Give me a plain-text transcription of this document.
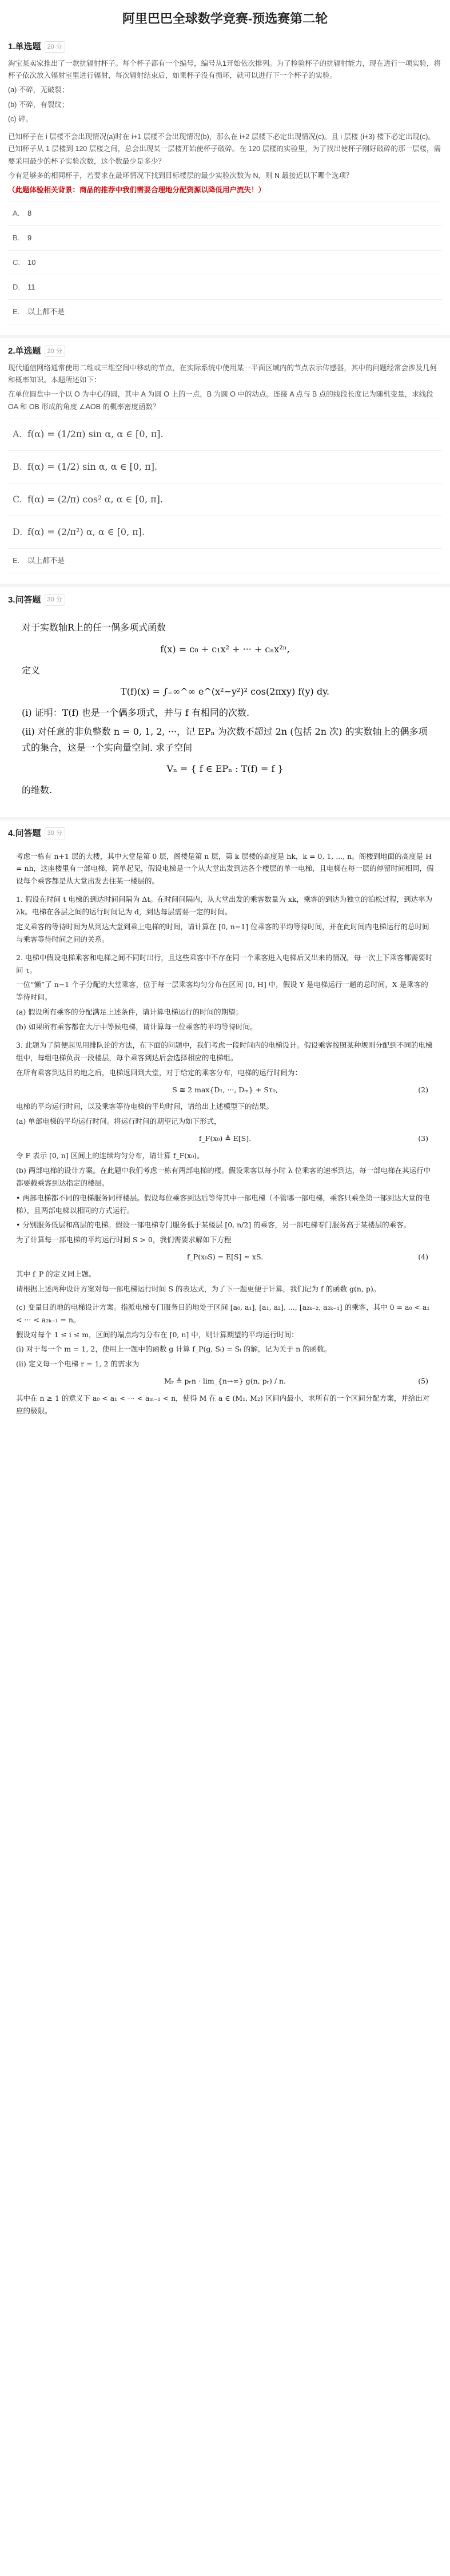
阿里巴巴全球数学竞赛-预选赛第二轮
1.单选题	20 分

淘宝某卖家推出了一款抗辐射杯子。每个杯子都有一个编号，编号从1开始依次排列。为了检验杯子的抗辐射能力，现在进行一项实验，将杯子依次放入辐射室里进行辐射，每次辐射结束后，如果杯子没有损坏，就可以进行下一个杯子的实验。

(a) 不碎，无破裂；

(b) 不碎，有裂纹；

(c) 碎。

已知杯子在 i 层楼不会出现情况(a)时在 i+1 层楼不会出现情况(b)，那么在 i+2 层楼下必定出现情况(c)。且 i 层楼 (i+3) 楼下必定出现(c)。已知杯子从 1 层楼到 120 层楼之间，总会出现某一层楼开始使杯子破碎。在 120 层楼的实验里，为了找出使杯子刚好破碎的那一层楼，需要采用最少的杯子实验次数，这个数最少是多少？

今有足够多的相同杯子，若要求在最坏情况下找到目标楼层的最少实验次数为 N，则 N 最接近以下哪个选项？

（此题体验相关背景：商品的推荐中我们需要合理地分配资源以降低用户流失！）

A.	8
B.	9
C.	10
D.	11
E.	以上都不是
2.单选题	20 分

现代通信网络通常使用二维或三维空间中移动的节点，在实际系统中使用某一平面区域内的节点表示传感器，其中的问题经常会涉及几何和概率知识。本题所述如下：

在单位圆盘中一个以 O 为中心的圆，其中 A 为圆 O 上的一点，B 为圆 O 中的动点。连接 A 点与 B 点的线段长度记为随机变量，求线段 OA 和 OB 形成的角度 ∠AOB 的概率密度函数？

A. f(α) = (1/2π) sin α, α ∈ [0, π].
B. f(α) = (1/2) sin α, α ∈ [0, π].
C. f(α) = (2/π) cos² α, α ∈ [0, π].
D. f(α) = (2/π²) α, α ∈ [0, π].
E.	以上都不是
3.问答题	30 分

对于实数轴R上的任一偶多项式函数

f(x) = c₀ + c₁x² + ··· + cₙx²ⁿ,

定义

T(f)(x) = ∫₋∞^∞ e^(x²−y²)² cos(2πxy) f(y) dy.

(i) 证明：T(f) 也是一个偶多项式，并与 f 有相同的次数.

(ii) 对任意的非负整数 n = 0, 1, 2, ···，记 EPₙ 为次数不超过 2n (包括 2n 次) 的实数轴上的偶多项式的集合，这是一个实向量空间. 求子空间

Vₙ = { f ∈ EPₙ : T(f) = f }

的维数.

4.问答题	30 分

考虑一栋有 n+1 层的大楼，其中大堂是第 0 层，阁楼是第 n 层，第 k 层楼的高度是 hk，k = 0, 1, ..., n。阁楼到地面的高度是 H = nh，这座楼里有一部电梯，简单起见，假设电梯是一个从大堂出发到达各个楼层的单一电梯，且电梯在每一层的停留时间相同，假设每个乘客都是从大堂出发去往某一楼层的。

1. 假设在时间 t 电梯的到达时间间隔为 Δt。在时间间隔内，从大堂出发的乘客数量为 xk，乘客的到达为独立的泊松过程，到达率为 λk。电梯在各层之间的运行时间记为 d，到达每层需要一定的时间。

定义乘客的等待时间为从到达大堂到乘上电梯的时间，请计算在 [0, n−1] 位乘客的平均等待时间，并在此时间内电梯运行的总时间与乘客等待时间之间的关系。

2. 电梯中假设电梯乘客和电梯之间不同时出行，且这些乘客中不存在同一个乘客进入电梯后又出来的情况，每一次上下乘客都需要时间 τ。

一位“懒”了 n−1 个子分配的大堂乘客，位于每一层乘客均匀分布在区间 [0, H] 中，假设 Y 是电梯运行一趟的总时间，X 是乘客的等待时间。

(a) 假设所有乘客的分配满足上述条件，请计算电梯运行的时间的期望；

(b) 如果所有乘客都在大厅中等候电梯，请计算每一位乘客的平均等待时间。

3. 此题为了简便起见用排队论的方法，在下面的问题中，我们考虑一段时间内的电梯设计。假设乘客按照某种规则分配到不同的电梯组中，每组电梯负责一段楼层，每个乘客到达后会选择相应的电梯组。

在所有乘客到达目的地之后，电梯返回到大堂，对于给定的乘客分布，电梯的运行时间为：

S ≅ 2 max{D₁, ···, Dₘ} + Sτ₀,	(2)

电梯的平均运行时间，以及乘客等待电梯的平均时间，请给出上述模型下的结果。

(a) 单部电梯的平均运行时间。将运行时间的期望记为如下形式，

f_F(x₀) ≜ E[S].	(3)

令 F 表示 [0, n] 区间上的连续均匀分布，请计算 f_F(x₀)。

(b) 两部电梯的设计方案。在此题中我们考虑一栋有两部电梯的楼。假设乘客以每小时 λ 位乘客的速率到达，每一部电梯在其运行中都要载乘客到达指定的楼层。

• 两部电梯都不同的电梯服务同样楼层。假设每位乘客到达后等待其中一部电梯（不管哪一部电梯，乘客只乘坐第一部到达大堂的电梯），且两部电梯以相同的方式运行。

• 分别服务低层和高层的电梯。假设一部电梯专门服务低于某楼层 [0, n/2] 的乘客，另一部电梯专门服务高于某楼层的乘客。

为了计算每一部电梯的平均运行时间 S > 0，我们需要求解如下方程

f_P(x₀S) = E[S] ≈ xS.	(4)

其中 f_P 的定义同上题。

请根据上述两种设计方案对每一部电梯运行时间 S 的表达式，为了下一题更便于计算，我们记为 f 的函数 g(n, p)。

(c) 变量目的地的电梯设计方案。指派电梯专门服务目的地处于区间 [a₀, a₁], [a₁, a₂], ..., [a₂ₖ₋₂, a₂ₖ₋₁] 的乘客，其中 0 = a₀ < a₁ < ··· < a₂ₖ₋₁ = n。

假设对每个 1 ≤ i ≤ m，区间的端点均匀分布在 [0, n] 中，则计算期望的平均运行时间：

(i) 对于每一个 m = 1, 2，使用上一题中的函数 g 计算 f_P(g, Sᵢ) = Sᵢ 的解，记为关于 n 的函数。

(ii) 定义每一个电梯 r = 1, 2 的需求为

Mᵣ ≜ pᵣn · lim_{n→∞} g(n, pᵣ) / n.	(5)

其中在 n ≥ 1 的意义下 a₀ < a₁ < ··· < aₘ₋₁ < n，使得 M 在 a ∈ (M₁, M₂) 区间内最小，求所有的一个区间分配方案，并给出对应的极限。
